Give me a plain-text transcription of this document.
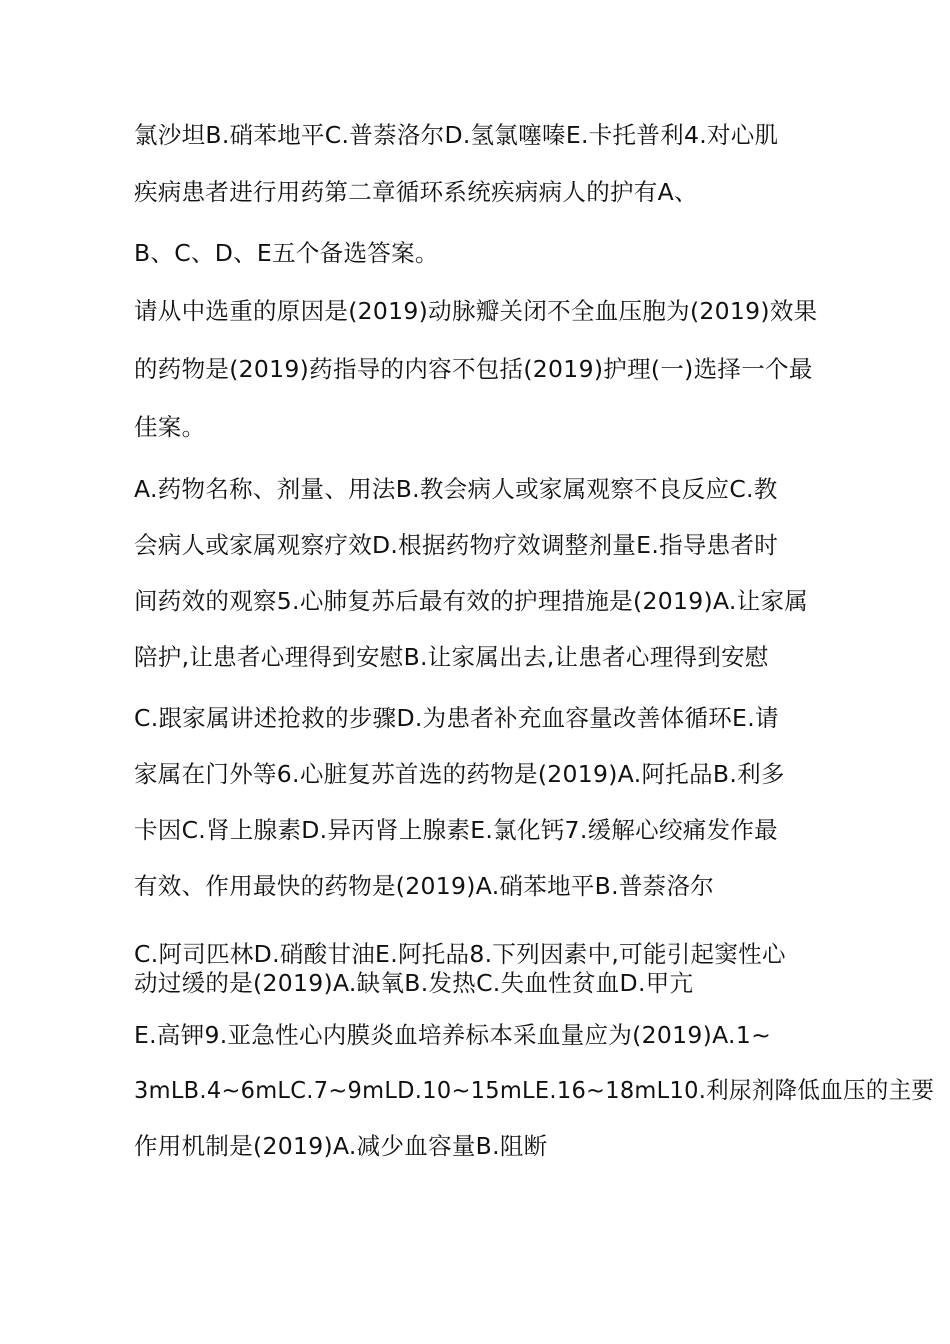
氯沙坦B.硝苯地平C.普萘洛尔D.氢氯噻嗪E.卡托普利4.对心肌
疾病患者进行用药第二章循环系统疾病病人的护有A、
B、C、D、E五个备选答案。
请从中选重的原因是(2019)动脉瓣关闭不全血压胞为(2019)效果
的药物是(2019)药指导的内容不包括(2019)护理(一)选择一个最
佳案。
A.药物名称、剂量、用法B.教会病人或家属观察不良反应C.教
会病人或家属观察疗效D.根据药物疗效调整剂量E.指导患者时
间药效的观察5.心肺复苏后最有效的护理措施是(2019)A.让家属
陪护,让患者心理得到安慰B.让家属出去,让患者心理得到安慰
C.跟家属讲述抢救的步骤D.为患者补充血容量改善体循环E.请
家属在门外等6.心脏复苏首选的药物是(2019)A.阿托品B.利多
卡因C.肾上腺素D.异丙肾上腺素E.氯化钙7.缓解心绞痛发作最
有效、作用最快的药物是(2019)A.硝苯地平B.普萘洛尔
C.阿司匹林D.硝酸甘油E.阿托品8.下列因素中,可能引起窦性心
动过缓的是(2019)A.缺氧B.发热C.失血性贫血D.甲亢
E.高钾9.亚急性心内膜炎血培养标本采血量应为(2019)A.1~
3mLB.4~6mLC.7~9mLD.10~15mLE.16~18mL10.利尿剂降低血压的主要
作用机制是(2019)A.减少血容量B.阻断
